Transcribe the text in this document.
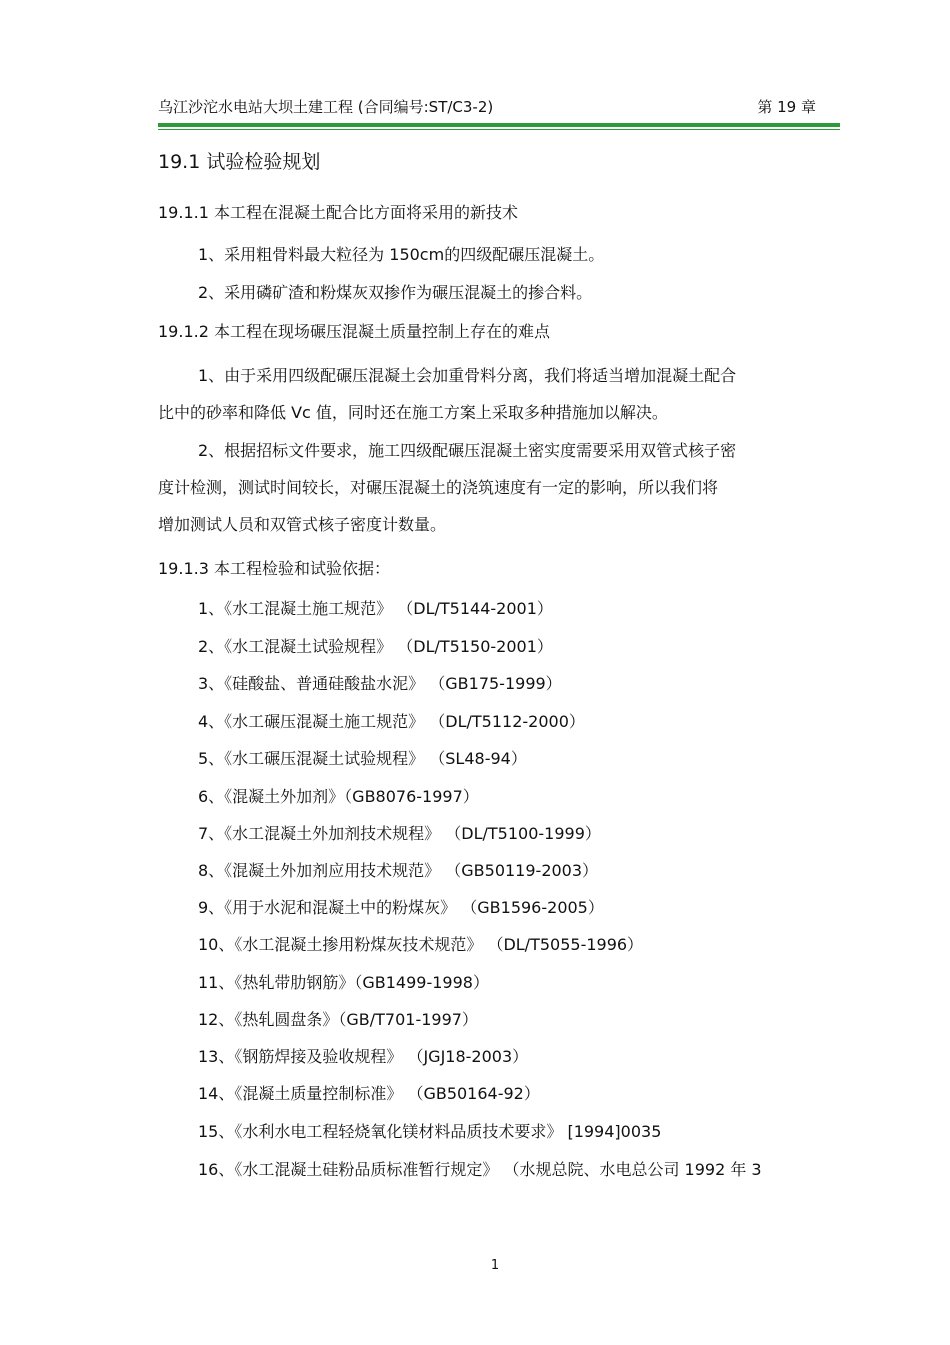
乌江沙沱水电站大坝土建工程 (合同编号:ST/C3-2)	第 19 章
19.1 试验检验规划
19.1.1 本工程在混凝土配合比方面将采用的新技术
1、采用粗骨料最大粒径为 150cm的四级配碾压混凝土。
2、采用磷矿渣和粉煤灰双掺作为碾压混凝土的掺合料。
19.1.2 本工程在现场碾压混凝土质量控制上存在的难点
1、由于采用四级配碾压混凝土会加重骨料分离，我们将适当增加混凝土配合
比中的砂率和降低 Vc 值，同时还在施工方案上采取多种措施加以解决。
2、根据招标文件要求，施工四级配碾压混凝土密实度需要采用双管式核子密
度计检测，测试时间较长，对碾压混凝土的浇筑速度有一定的影响，所以我们将
增加测试人员和双管式核子密度计数量。
19.1.3 本工程检验和试验依据：
1、《水工混凝土施工规范》 （DL/T5144-2001）
2、《水工混凝土试验规程》 （DL/T5150-2001）
3、《硅酸盐、普通硅酸盐水泥》 （GB175-1999）
4、《水工碾压混凝土施工规范》 （DL/T5112-2000）
5、《水工碾压混凝土试验规程》 （SL48-94）
6、《混凝土外加剂》（GB8076-1997）
7、《水工混凝土外加剂技术规程》 （DL/T5100-1999）
8、《混凝土外加剂应用技术规范》 （GB50119-2003）
9、《用于水泥和混凝土中的粉煤灰》 （GB1596-2005）
10、《水工混凝土掺用粉煤灰技术规范》 （DL/T5055-1996）
11、《热轧带肋钢筋》（GB1499-1998）
12、《热轧圆盘条》（GB/T701-1997）
13、《钢筋焊接及验收规程》 （JGJ18-2003）
14、《混凝土质量控制标准》 （GB50164-92）
15、《水利水电工程轻烧氧化镁材料品质技术要求》 [1994]0035
16、《水工混凝土硅粉品质标准暂行规定》 （水规总院、水电总公司 1992 年 3
1
